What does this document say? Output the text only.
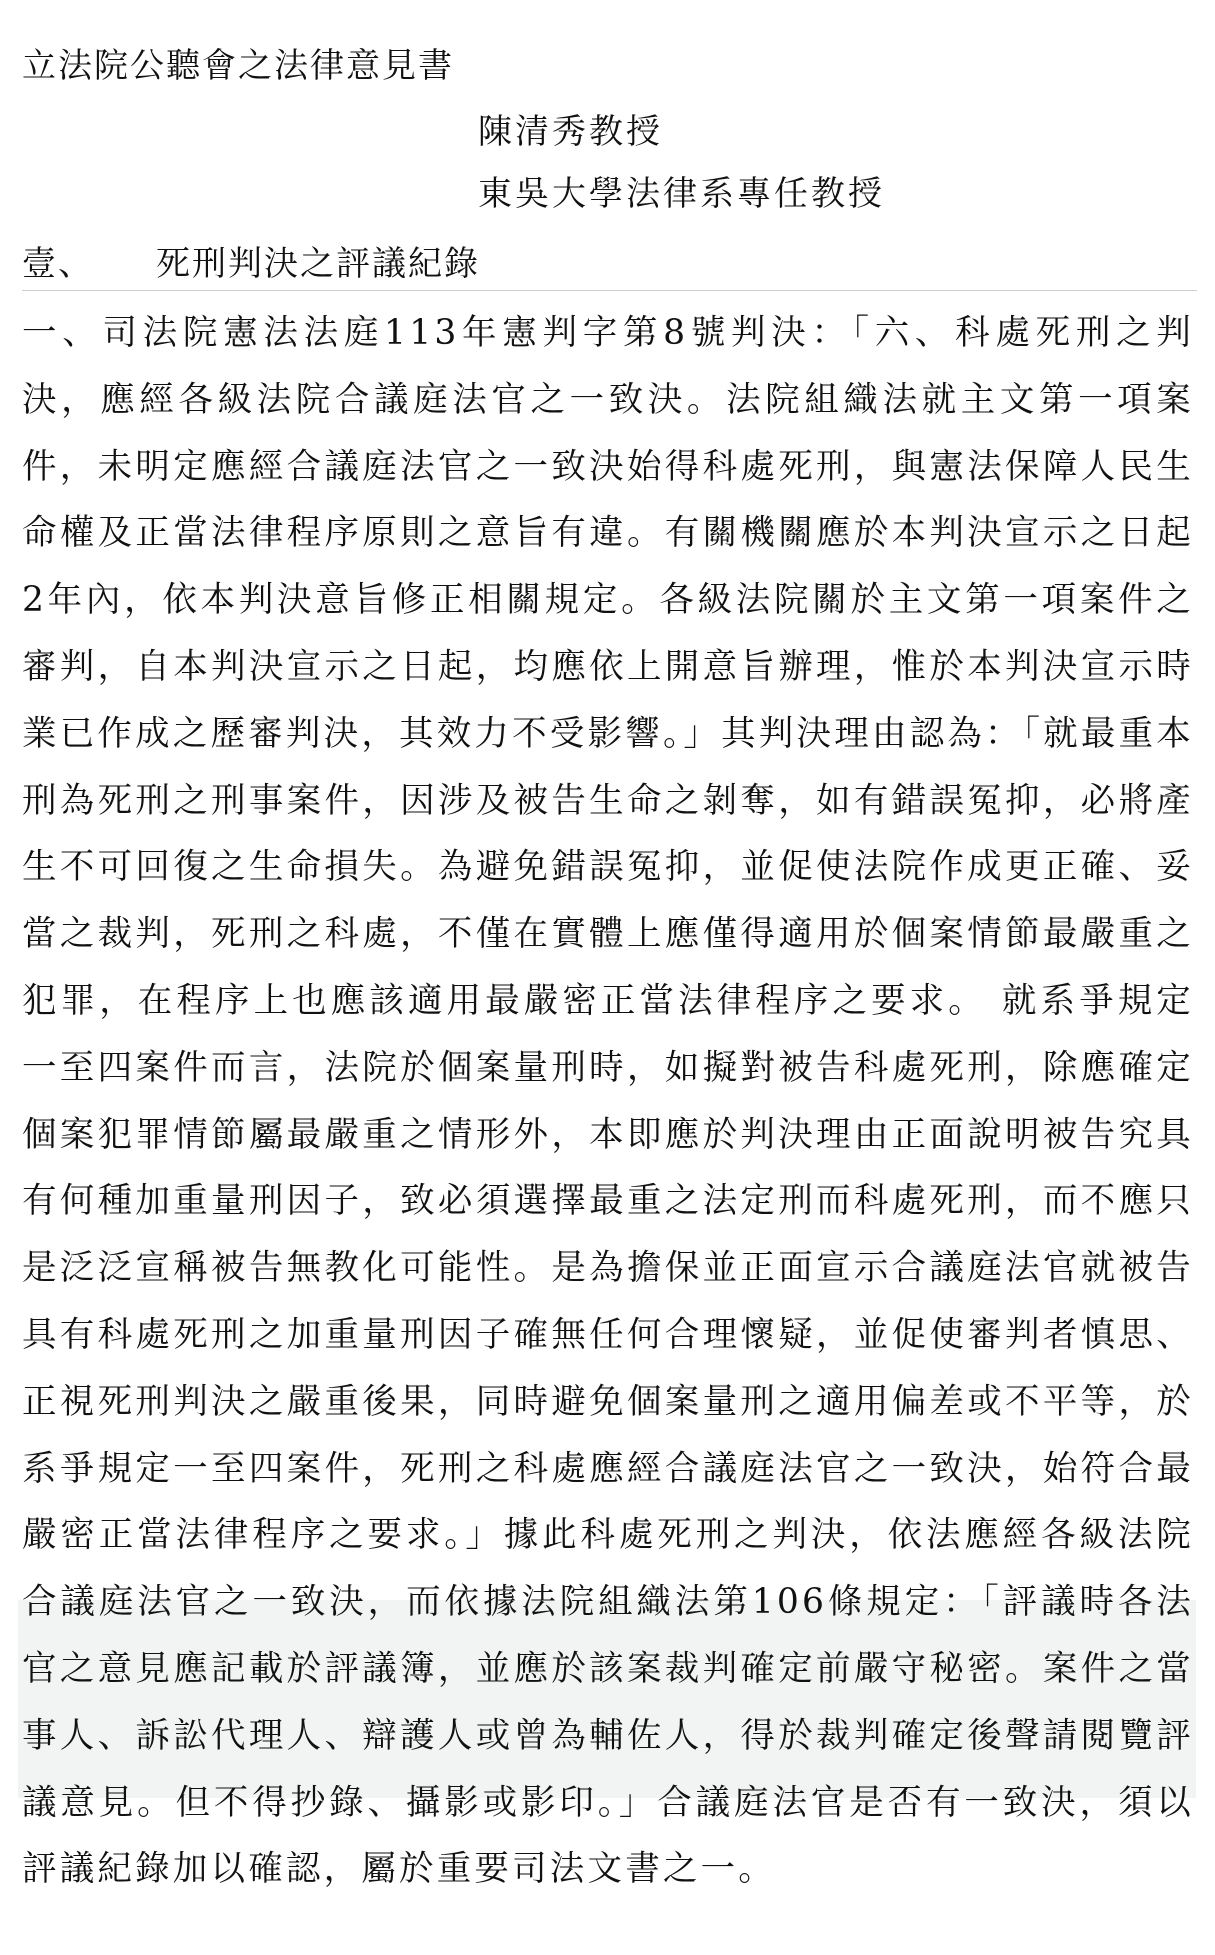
立法院公聽會之法律意見書
陳清秀教授
東吳大學法律系專任教授
壹、 死刑判決之評議紀錄

一、司法院憲法法庭113年憲判字第8號判決：「六、科處死刑之判決，應經各級法院合議庭法官之一致決。法院組織法就主文第一項案件，未明定應經合議庭法官之一致決始得科處死刑，與憲法保障人民生命權及正當法律程序原則之意旨有違。有關機關應於本判決宣示之日起2年內，依本判決意旨修正相關規定。各級法院關於主文第一項案件之審判，自本判決宣示之日起，均應依上開意旨辦理，惟於本判決宣示時業已作成之歷審判決，其效力不受影響。」其判決理由認為：「就最重本刑為死刑之刑事案件，因涉及被告生命之剝奪，如有錯誤冤抑，必將產生不可回復之生命損失。為避免錯誤冤抑，並促使法院作成更正確、妥當之裁判，死刑之科處，不僅在實體上應僅得適用於個案情節最嚴重之犯罪，在程序上也應該適用最嚴密正當法律程序之要求。 就系爭規定一至四案件而言，法院於個案量刑時，如擬對被告科處死刑，除應確定個案犯罪情節屬最嚴重之情形外，本即應於判決理由正面說明被告究具有何種加重量刑因子，致必須選擇最重之法定刑而科處死刑，而不應只是泛泛宣稱被告無教化可能性。是為擔保並正面宣示合議庭法官就被告具有科處死刑之加重量刑因子確無任何合理懷疑，並促使審判者慎思、正視死刑判決之嚴重後果，同時避免個案量刑之適用偏差或不平等，於系爭規定一至四案件，死刑之科處應經合議庭法官之一致決，始符合最嚴密正當法律程序之要求。」據此科處死刑之判決，依法應經各級法院合議庭法官之一致決，而依據法院組織法第106條規定：「評議時各法官之意見應記載於評議簿，並應於該案裁判確定前嚴守秘密。案件之當事人、訴訟代理人、辯護人或曾為輔佐人，得於裁判確定後聲請閱覽評議意見。但不得抄錄、攝影或影印。」合議庭法官是否有一致決，須以評議紀錄加以確認，屬於重要司法文書之一。
